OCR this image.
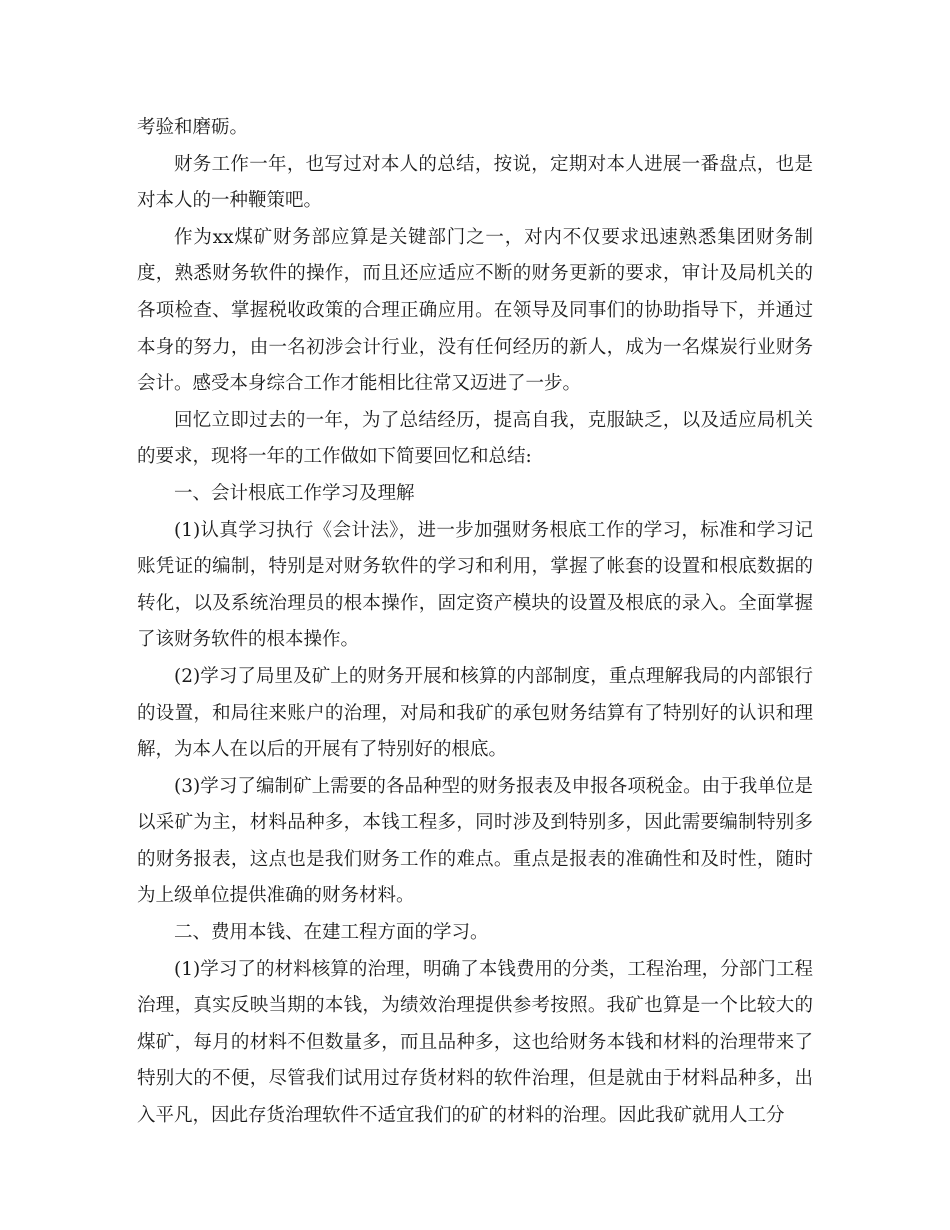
考验和磨砺。

财务工作一年，也写过对本人的总结，按说，定期对本人进展一番盘点，也是对本人的一种鞭策吧。

作为xx煤矿财务部应算是关键部门之一，对内不仅要求迅速熟悉集团财务制度，熟悉财务软件的操作，而且还应适应不断的财务更新的要求，审计及局机关的各项检查、掌握税收政策的合理正确应用。在领导及同事们的协助指导下，并通过本身的努力，由一名初涉会计行业，没有任何经历的新人，成为一名煤炭行业财务会计。感受本身综合工作才能相比往常又迈进了一步。

回忆立即过去的一年，为了总结经历，提高自我，克服缺乏，以及适应局机关的要求，现将一年的工作做如下简要回忆和总结:

一、会计根底工作学习及理解

(1)认真学习执行《会计法》，进一步加强财务根底工作的学习，标准和学习记账凭证的编制，特别是对财务软件的学习和利用，掌握了帐套的设置和根底数据的转化，以及系统治理员的根本操作，固定资产模块的设置及根底的录入。全面掌握了该财务软件的根本操作。

(2)学习了局里及矿上的财务开展和核算的内部制度，重点理解我局的内部银行的设置，和局往来账户的治理，对局和我矿的承包财务结算有了特别好的认识和理解，为本人在以后的开展有了特别好的根底。

(3)学习了编制矿上需要的各品种型的财务报表及申报各项税金。由于我单位是以采矿为主，材料品种多，本钱工程多，同时涉及到特别多，因此需要编制特别多的财务报表，这点也是我们财务工作的难点。重点是报表的准确性和及时性，随时为上级单位提供准确的财务材料。

二、费用本钱、在建工程方面的学习。

(1)学习了的材料核算的治理，明确了本钱费用的分类，工程治理，分部门工程治理，真实反映当期的本钱，为绩效治理提供参考按照。我矿也算是一个比较大的煤矿，每月的材料不但数量多，而且品种多，这也给财务本钱和材料的治理带来了特别大的不便，尽管我们试用过存货材料的软件治理，但是就由于材料品种多，出入平凡，因此存货治理软件不适宜我们的矿的材料的治理。因此我矿就用人工分
